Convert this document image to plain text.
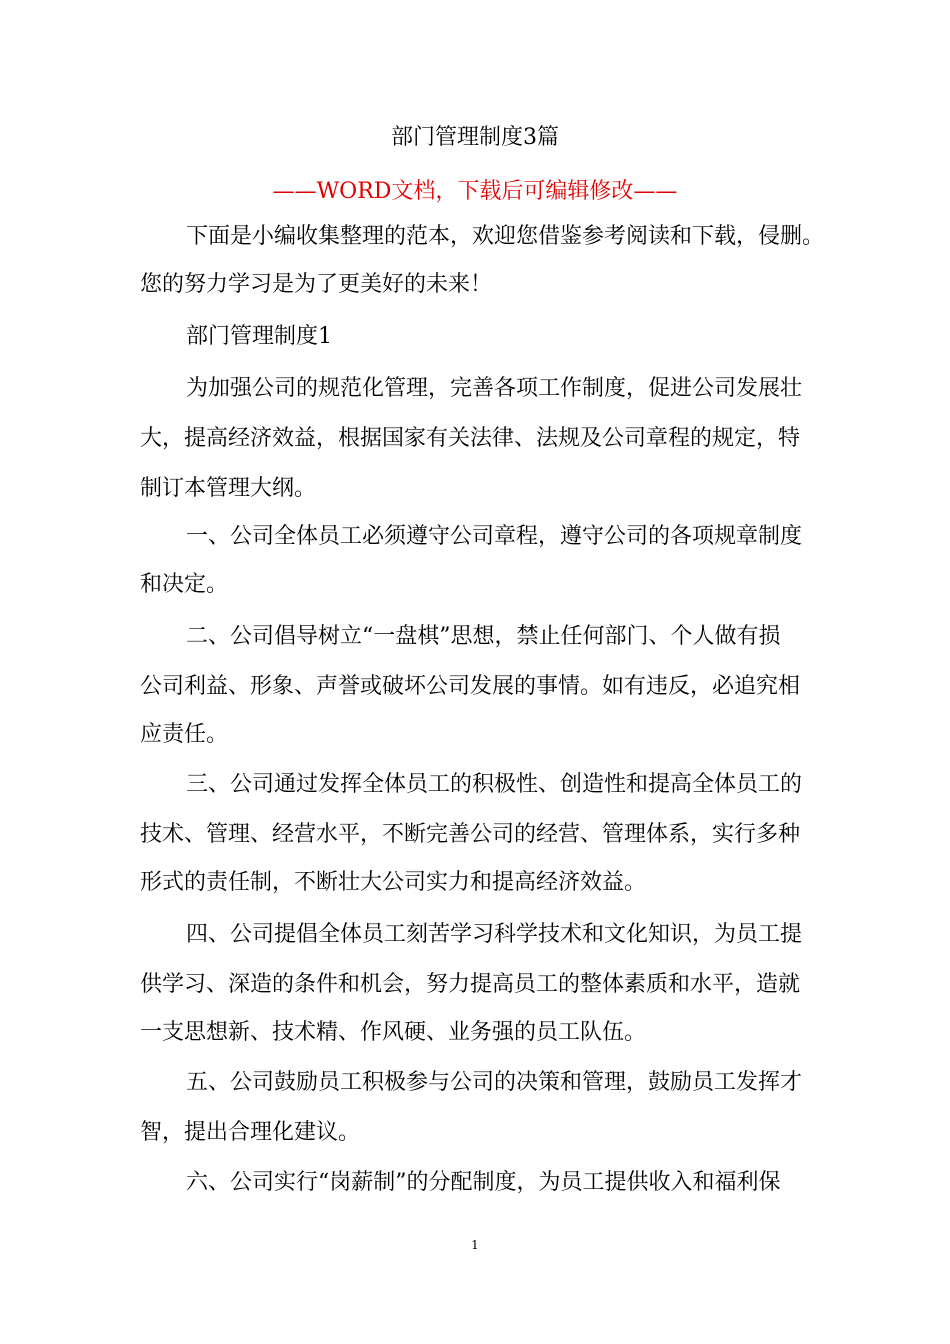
部门管理制度3篇
——WORD文档，下载后可编辑修改——
下面是小编收集整理的范本，欢迎您借鉴参考阅读和下载，侵删。
您的努力学习是为了更美好的未来！
部门管理制度1
为加强公司的规范化管理，完善各项工作制度，促进公司发展壮
大，提高经济效益，根据国家有关法律、法规及公司章程的规定，特
制订本管理大纲。
一、公司全体员工必须遵守公司章程，遵守公司的各项规章制度
和决定。
二、公司倡导树立“一盘棋”思想，禁止任何部门、个人做有损
公司利益、形象、声誉或破坏公司发展的事情。如有违反，必追究相
应责任。
三、公司通过发挥全体员工的积极性、创造性和提高全体员工的
技术、管理、经营水平，不断完善公司的经营、管理体系，实行多种
形式的责任制，不断壮大公司实力和提高经济效益。
四、公司提倡全体员工刻苦学习科学技术和文化知识，为员工提
供学习、深造的条件和机会，努力提高员工的整体素质和水平，造就
一支思想新、技术精、作风硬、业务强的员工队伍。
五、公司鼓励员工积极参与公司的决策和管理，鼓励员工发挥才
智，提出合理化建议。
六、公司实行“岗薪制”的分配制度，为员工提供收入和福利保
1
